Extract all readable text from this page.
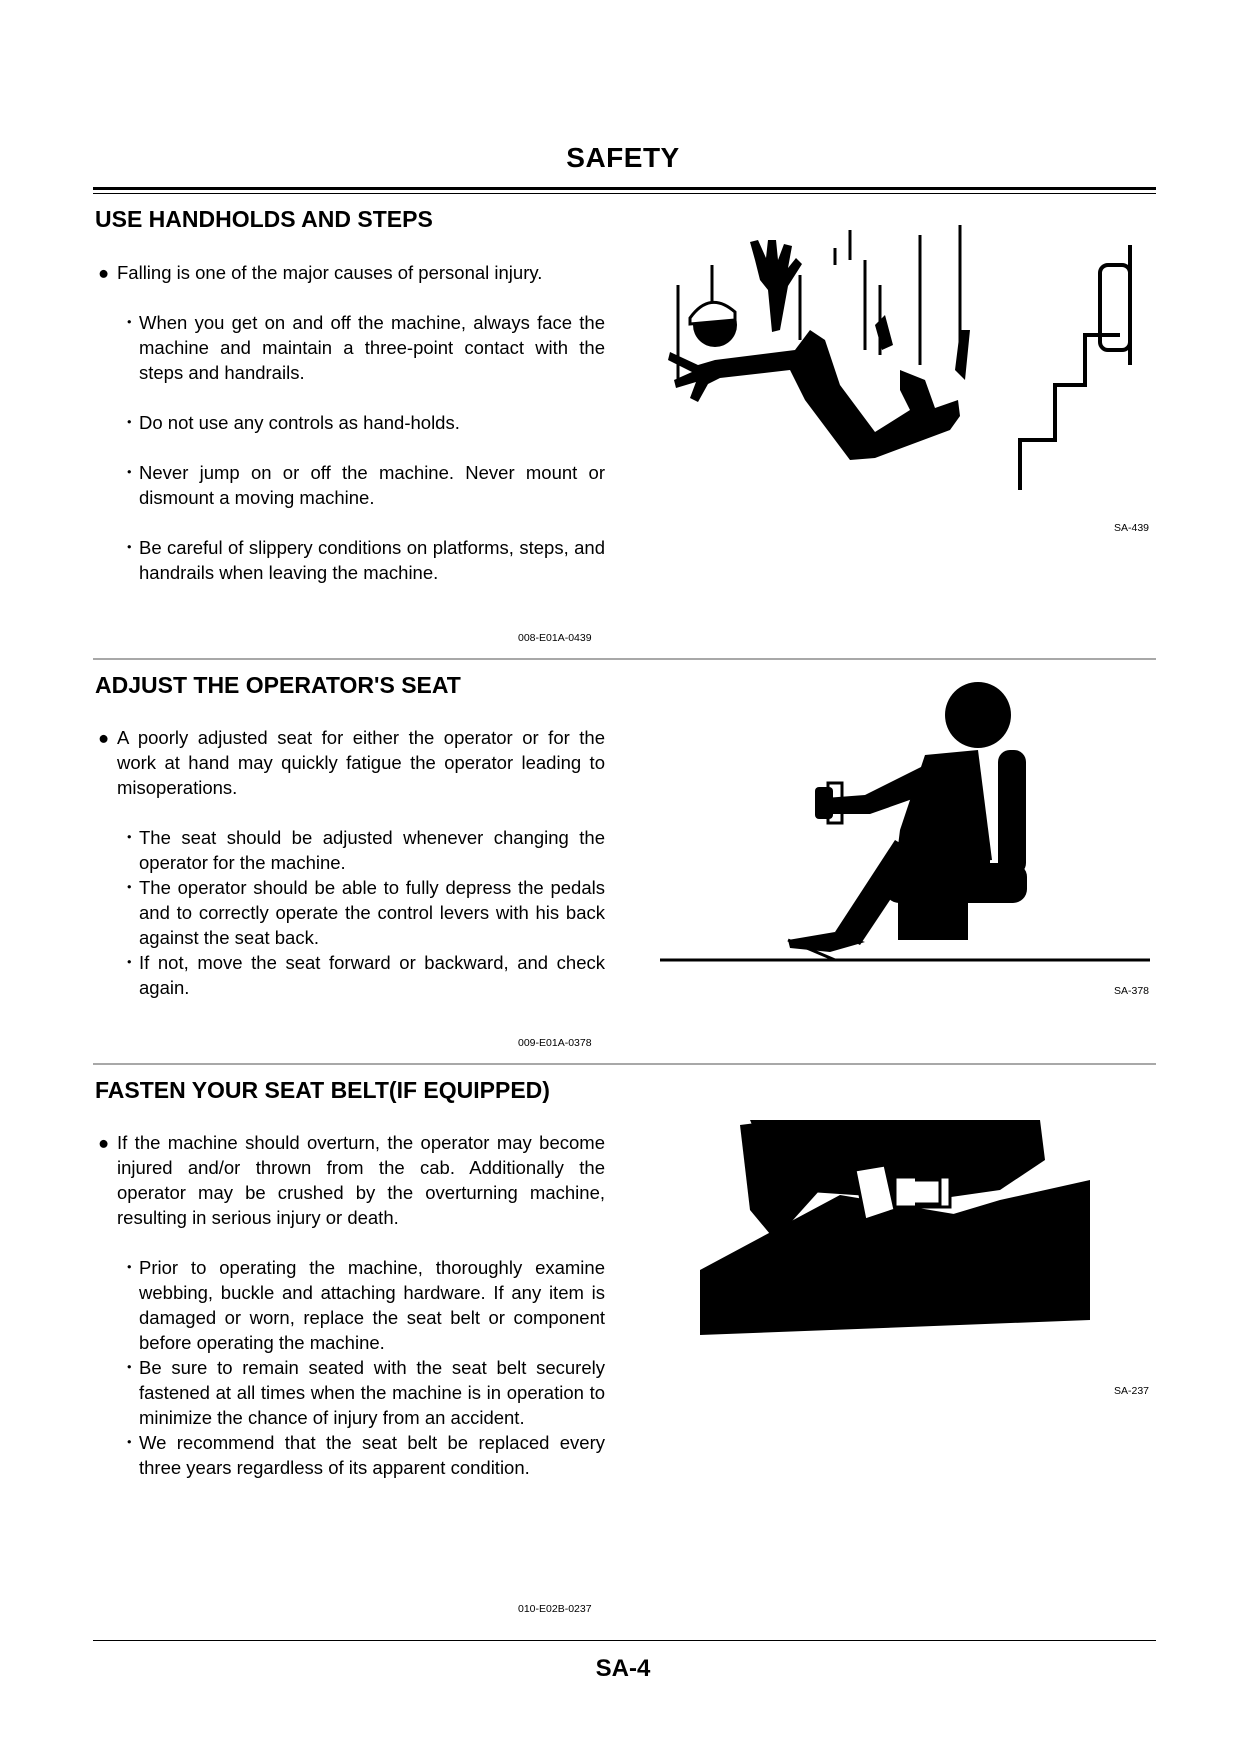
SAFETY
USE HANDHOLDS AND STEPS
● Falling is one of the major causes of personal injury.
・ When you get on and off the machine, always face the machine and maintain a three-point contact with the steps and handrails.
・ Do not use any controls as hand-holds.
・ Never jump on or off the machine. Never mount or dismount a moving machine.
・ Be careful of slippery conditions on platforms, steps, and handrails when leaving the machine.
008-E01A-0439
SA-439
ADJUST THE OPERATOR'S SEAT
● A poorly adjusted seat for either the operator or for the work at hand may quickly fatigue the operator leading to misoperations.
・ The seat should be adjusted whenever changing the operator for the machine.
・ The operator should be able to fully depress the pedals and to correctly operate the control levers with his back against the seat back.
・ If not, move the seat forward or backward, and check again.
009-E01A-0378
SA-378
FASTEN YOUR SEAT BELT(IF EQUIPPED)
● If the machine should overturn, the operator may become injured and/or thrown from the cab. Additionally the operator may be crushed by the overturning machine, resulting in serious injury or death.
・ Prior to operating the machine, thoroughly examine webbing, buckle and attaching hardware. If any item is damaged or worn, replace the seat belt or component before operating the machine.
・ Be sure to remain seated with the seat belt securely fastened at all times when the machine is in operation to minimize the chance of injury from an accident.
・ We recommend that the seat belt be replaced every three years regardless of its apparent condition.
010-E02B-0237
SA-237
SA-4
